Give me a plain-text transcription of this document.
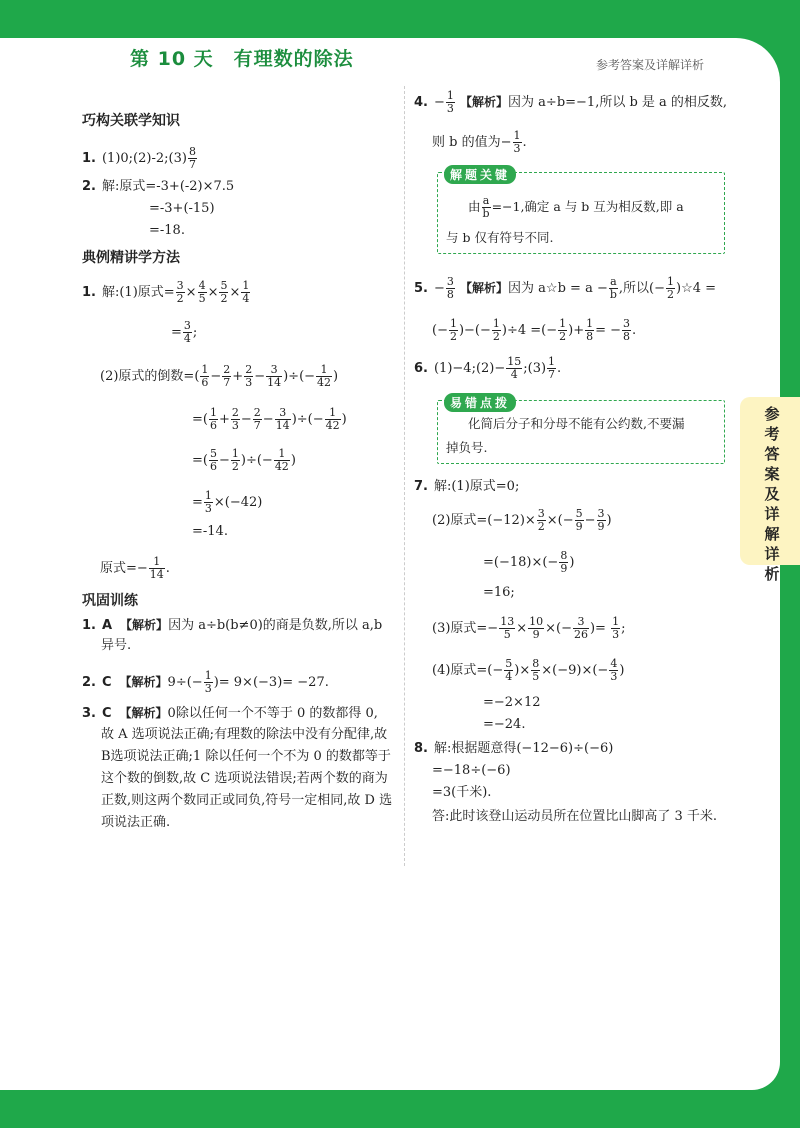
参考答案及详解详析
参考答案及详解详析
第 10 天 有理数的除法
巧构关联学知识
1. (1)0;(2)-2;(3) $\frac{8}{7}$
2. 解:原式=-3+(-2)×7.5
=-3+(-15)
=-18.
典例精讲学方法
1. 解:(1)原式= $\frac{3}{2} \times \frac{4}{5} \times \frac{5}{2} \times \frac{1}{4}$
= $\frac{3}{4}$ ;
(2)原式的倒数=( $\frac{1}{6} - \frac{2}{7} + \frac{2}{3} - \frac{3}{14}$ )÷(− $\frac{1}{42}$ )
=( $\frac{1}{6} + \frac{2}{3} - \frac{2}{7} - \frac{3}{14}$ )÷(− $\frac{1}{42}$ )
=( $\frac{5}{6} - \frac{1}{2}$ )÷(− $\frac{1}{42}$ )
= $\frac{1}{3} \times(-42)$
=-14.
原式=− $\frac{1}{14}$ .
巩固训练
1. A 【解析】因为 a÷b(b≠0)的商是负数,所以 a,b
异号.
2. C 【解析】$9\div(- \frac{1}{3}$ )= 9×(−3)= −27.
3. C 【解析】0除以任何一个不等于 0 的数都得 0,
故 A 选项说法正确;有理数的除法中没有分配律,故
B选项说法正确;1 除以任何一个不为 0 的数都等于
这个数的倒数,故 C 选项说法错误;若两个数的商为
正数,则这两个数同正或同负,符号一定相同,故 D 选
项说法正确.
4. − $\frac{1}{3}$ 【解析】因为 a÷b=−1,所以 b 是 a 的相反数,
则 b 的值为− $\frac{1}{3}$ .
解题关键
由 $\frac{a}{b} =-1$,确定 a 与 b 互为相反数,即 a
与 b 仅有符号不同.
5. − $\frac{3}{8}$ 【解析】因为 a☆b = $a - \frac{a}{b}$ ,所以(− $\frac{1}{2}$ )☆4 =
(− $\frac{1}{2}$ )−(− $\frac{1}{2} )\div 4$ =(− $\frac{1}{2}$ )+ $\frac{1}{8}$ = − $\frac{3}{8}$ .
6. (1)−4;(2)− $\frac{15}{4}$ ;(3) $\frac{1}{7}$ .
易错点拨
化简后分子和分母不能有公约数,不要漏
掉负号.
7. 解:(1)原式=0;
(2)原式$=(-12)\times \frac{3}{2}$ ×(− $\frac{5}{9} - \frac{3}{9}$ )
$=(-18)\times(- \frac{8}{9}$ )
=16;
(3)原式=− $\frac{13}{5} \times \frac{10}{9}$ ×(− $\frac{3}{26}$ )= $\frac{1}{3}$ ;
(4)原式=(− $\frac{5}{4}$ )× $\frac{8}{5} \times(-9)\times(- \frac{4}{3}$ )
=−2×12
=−24.
8. 解:根据题意得(−12−6)÷(−6)
=−18÷(−6)
=3(千米).
答:此时该登山运动员所在位置比山脚高了 3 千米.
